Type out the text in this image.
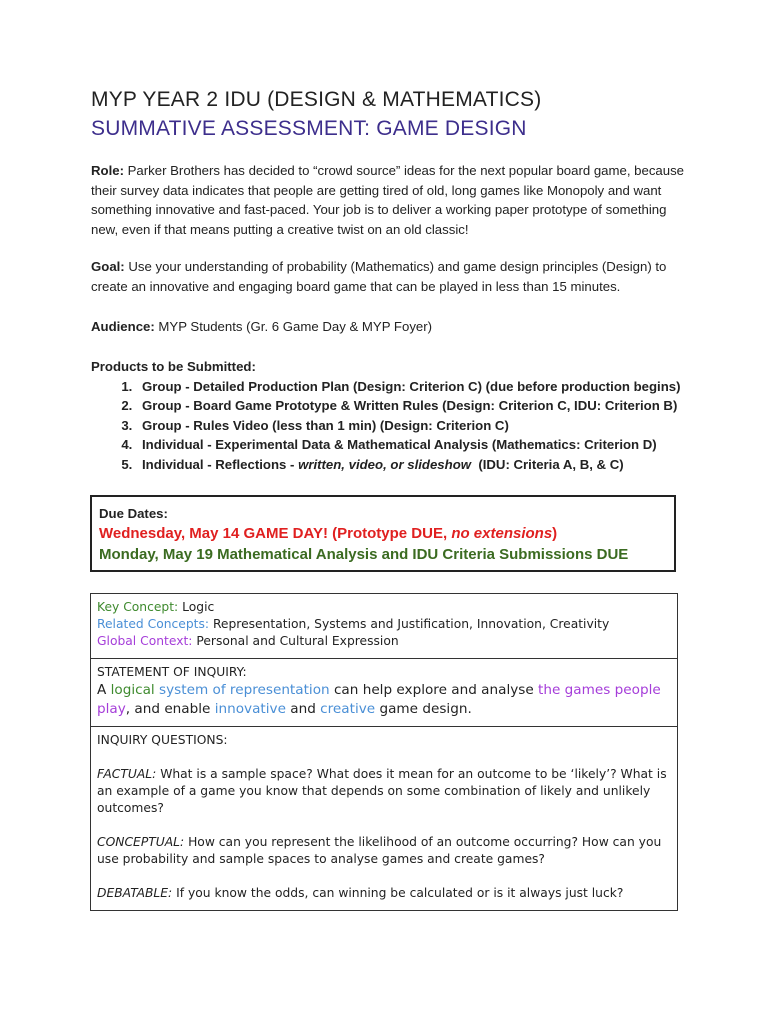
MYP YEAR 2 IDU (DESIGN & MATHEMATICS)
SUMMATIVE ASSESSMENT: GAME DESIGN
Role: Parker Brothers has decided to “crowd source” ideas for the next popular board game, because their survey data indicates that people are getting tired of old, long games like Monopoly and want something innovative and fast-paced. Your job is to deliver a working paper prototype of something new, even if that means putting a creative twist on an old classic!
Goal: Use your understanding of probability (Mathematics) and game design principles (Design) to create an innovative and engaging board game that can be played in less than 15 minutes.
Audience: MYP Students (Gr. 6 Game Day & MYP Foyer)
Products to be Submitted:
1. Group - Detailed Production Plan (Design: Criterion C) (due before production begins)
2. Group - Board Game Prototype & Written Rules (Design: Criterion C, IDU: Criterion B)
3. Group - Rules Video (less than 1 min) (Design: Criterion C)
4. Individual - Experimental Data & Mathematical Analysis (Mathematics: Criterion D)
5. Individual - Reflections - written, video, or slideshow  (IDU: Criteria A, B, & C)
Due Dates:
Wednesday, May 14 GAME DAY! (Prototype DUE, no extensions)
Monday, May 19 Mathematical Analysis and IDU Criteria Submissions DUE
Key Concept: Logic
Related Concepts: Representation, Systems and Justification, Innovation, Creativity
Global Context: Personal and Cultural Expression
STATEMENT OF INQUIRY:
A logical system of representation can help explore and analyse the games people play, and enable innovative and creative game design.
INQUIRY QUESTIONS:
FACTUAL: What is a sample space? What does it mean for an outcome to be ‘likely’? What is an example of a game you know that depends on some combination of likely and unlikely outcomes?
CONCEPTUAL: How can you represent the likelihood of an outcome occurring? How can you use probability and sample spaces to analyse games and create games?
DEBATABLE: If you know the odds, can winning be calculated or is it always just luck?
